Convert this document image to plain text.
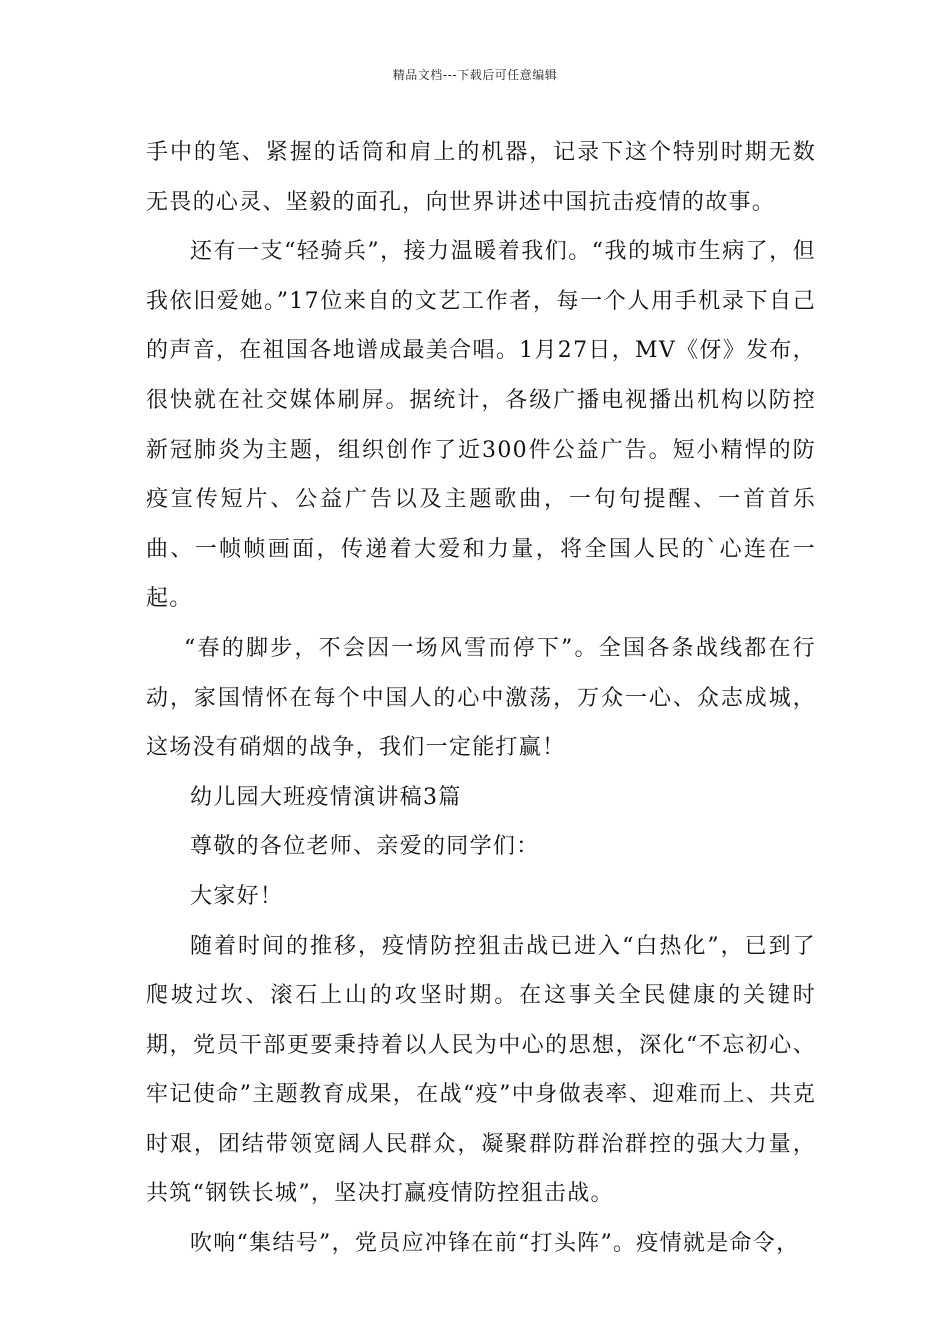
精品文档---下载后可任意编辑

手中的笔、紧握的话筒和肩上的机器，记录下这个特别时期无数无畏的心灵、坚毅的面孔，向世界讲述中国抗击疫情的故事。

还有一支“轻骑兵”，接力温暖着我们。“我的城市生病了，但我依旧爱她。”17位来自的文艺工作者，每一个人用手机录下自己的声音，在祖国各地谱成最美合唱。1月27日，MV《伢》发布，很快就在社交媒体刷屏。据统计，各级广播电视播出机构以防控新冠肺炎为主题，组织创作了近300件公益广告。短小精悍的防疫宣传短片、公益广告以及主题歌曲，一句句提醒、一首首乐曲、一帧帧画面，传递着大爱和力量，将全国人民的`心连在一起。

“春的脚步，不会因一场风雪而停下”。全国各条战线都在行动，家国情怀在每个中国人的心中激荡，万众一心、众志成城，这场没有硝烟的战争，我们一定能打赢！

幼儿园大班疫情演讲稿3篇

尊敬的各位老师、亲爱的同学们：

大家好！

随着时间的推移，疫情防控狙击战已进入“白热化”，已到了爬坡过坎、滚石上山的攻坚时期。在这事关全民健康的关键时期，党员干部更要秉持着以人民为中心的思想，深化“不忘初心、牢记使命”主题教育成果，在战“疫”中身做表率、迎难而上、共克时艰，团结带领宽阔人民群众，凝聚群防群治群控的强大力量，共筑“钢铁长城”，坚决打赢疫情防控狙击战。

吹响“集结号”，党员应冲锋在前“打头阵”。疫情就是命令，
